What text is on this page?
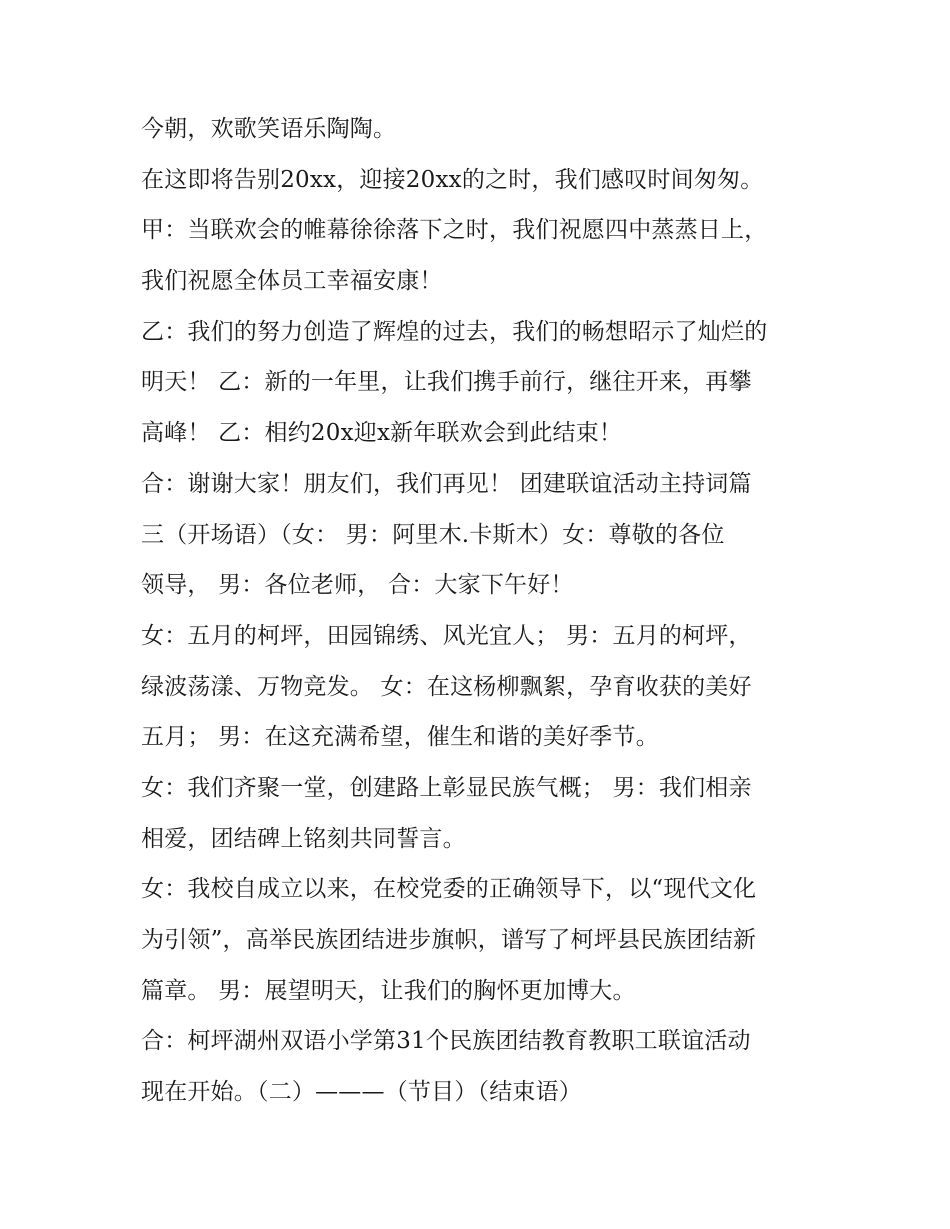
今朝，欢歌笑语乐陶陶。
在这即将告别20xx，迎接20xx的之时，我们感叹时间匆匆。
甲：当联欢会的帷幕徐徐落下之时，我们祝愿四中蒸蒸日上，
我们祝愿全体员工幸福安康！
乙：我们的努力创造了辉煌的过去，我们的畅想昭示了灿烂的
明天！ 乙：新的一年里，让我们携手前行，继往开来，再攀
高峰！ 乙：相约20x迎x新年联欢会到此结束！
合：谢谢大家！朋友们，我们再见！ 团建联谊活动主持词篇
三（开场语）（女： 男：阿里木.卡斯木）女：尊敬的各位
领导， 男：各位老师， 合：大家下午好！
女：五月的柯坪，田园锦绣、风光宜人； 男：五月的柯坪，
绿波荡漾、万物竞发。 女：在这杨柳飘絮，孕育收获的美好
五月； 男：在这充满希望，催生和谐的美好季节。
女：我们齐聚一堂，创建路上彰显民族气概； 男：我们相亲
相爱，团结碑上铭刻共同誓言。
女：我校自成立以来，在校党委的正确领导下，以“现代文化
为引领”，高举民族团结进步旗帜，谱写了柯坪县民族团结新
篇章。 男：展望明天，让我们的胸怀更加博大。
合：柯坪湖州双语小学第31个民族团结教育教职工联谊活动
现在开始。（二）———（节目）（结束语）
